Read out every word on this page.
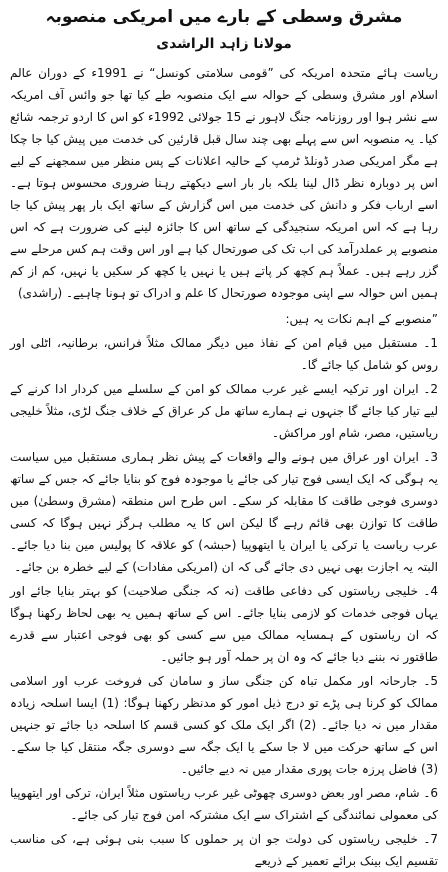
مشرق وسطی کے بارے میں امریکی منصوبہ
مولانا زاہد الراشدی

ریاست ہائے متحدہ امریکہ کی ”قومی سلامتی کونسل“ نے 1991ء کے دوران عالم اسلام اور مشرق وسطی کے حوالہ سے ایک منصوبہ طے کیا تھا جو وائس آف امریکہ سے نشر ہوا اور روزنامہ جنگ لاہور نے 15 جولائی 1992ء کو اس کا اردو ترجمہ شائع کیا۔ یہ منصوبہ اس سے پہلے بھی چند سال قبل قارئین کی خدمت میں پیش کیا جا چکا ہے مگر امریکی صدر ڈونلڈ ٹرمپ کے حالیہ اعلانات کے پس منظر میں سمجھنے کے لیے اس پر دوبارہ نظر ڈال لینا بلکہ بار بار اسے دیکھتے رہنا ضروری محسوس ہوتا ہے۔ اسے ارباب فکر و دانش کی خدمت میں اس گزارش کے ساتھ ایک بار پھر پیش کیا جا رہا ہے کہ اس امریکہ سنجیدگی کے ساتھ اس کا جائزہ لینے کی ضرورت ہے کہ اس منصوبے پر عملدرآمد کی اب تک کی صورتحال کیا ہے اور اس وقت ہم کس مرحلے سے گزر رہے ہیں۔ عملاً ہم کچھ کر پاتے ہیں یا نہیں یا کچھ کر سکیں یا نہیں، کم از کم ہمیں اس حوالہ سے اپنی موجودہ صورتحال کا علم و ادراک تو ہونا چاہیے۔ (راشدی)

”منصوبے کے اہم نکات یہ ہیں:

1۔ مستقبل میں قیام امن کے نفاذ میں دیگر ممالک مثلاً فرانس، برطانیہ، اٹلی اور روس کو شامل کیا جائے گا۔

2۔ ایران اور ترکیہ ایسے غیر عرب ممالک کو امن کے سلسلے میں کردار ادا کرنے کے لیے تیار کیا جائے گا جنہوں نے ہمارے ساتھ مل کر عراق کے خلاف جنگ لڑی، مثلاً خلیجی ریاستیں، مصر، شام اور مراکش۔

3۔ ایران اور عراق میں ہونے والے واقعات کے پیش نظر ہماری مستقبل میں سیاست یہ ہوگی کہ ایک ایسی فوج تیار کی جائے یا موجودہ فوج کو بنایا جائے کہ جس کے ساتھ دوسری فوجی طاقت کا مقابلہ کر سکے۔ اس طرح اس منطقہ (مشرق وسطیٰ) میں طاقت کا توازن بھی قائم رہے گا لیکن اس کا یہ مطلب ہرگز نہیں ہوگا کہ کسی عرب ریاست یا ترکی یا ایران یا ایتھوپیا (حبشہ) کو علاقہ کا پولیس مین بنا دیا جائے۔ البتہ یہ اجازت بھی نہیں دی جائے گی کہ ان (امریکی مفادات) کے لیے خطرہ بن جائے۔

4۔ خلیجی ریاستوں کی دفاعی طاقت (نہ کہ جنگی صلاحیت) کو بہتر بنایا جائے اور یہاں فوجی خدمات کو لازمی بنایا جائے۔ اس کے ساتھ ہمیں یہ بھی لحاظ رکھنا ہوگا کہ ان ریاستوں کے ہمسایہ ممالک میں سے کسی کو بھی فوجی اعتبار سے قدرے طاقتور نہ بننے دیا جائے کہ وہ ان پر حملہ آور ہو جائیں۔

5۔ جارحانہ اور مکمل تباہ کن جنگی ساز و سامان کی فروخت عرب اور اسلامی ممالک کو کرنا ہی پڑے تو درج ذیل امور کو مدنظر رکھنا ہوگا: (1) ایسا اسلحہ زیادہ مقدار میں نہ دیا جائے۔ (2) اگر ایک ملک کو کسی قسم کا اسلحہ دیا جائے تو جنہیں اس کے ساتھ حرکت میں لا جا سکے یا ایک جگہ سے دوسری جگہ منتقل کیا جا سکے۔ (3) فاضل پرزہ جات پوری مقدار میں نہ دیے جائیں۔

6۔ شام، مصر اور بعض دوسری چھوٹی غیر عرب ریاستوں مثلاً ایران، ترکی اور ایتھوپیا کی معمولی نمائندگی کے اشتراک سے ایک مشترکہ امن فوج تیار کی جائے۔

7۔ خلیجی ریاستوں کی دولت جو ان پر حملوں کا سبب بنی ہوئی ہے، کی مناسب تقسیم ایک بینک برائے تعمیر کے ذریعے
